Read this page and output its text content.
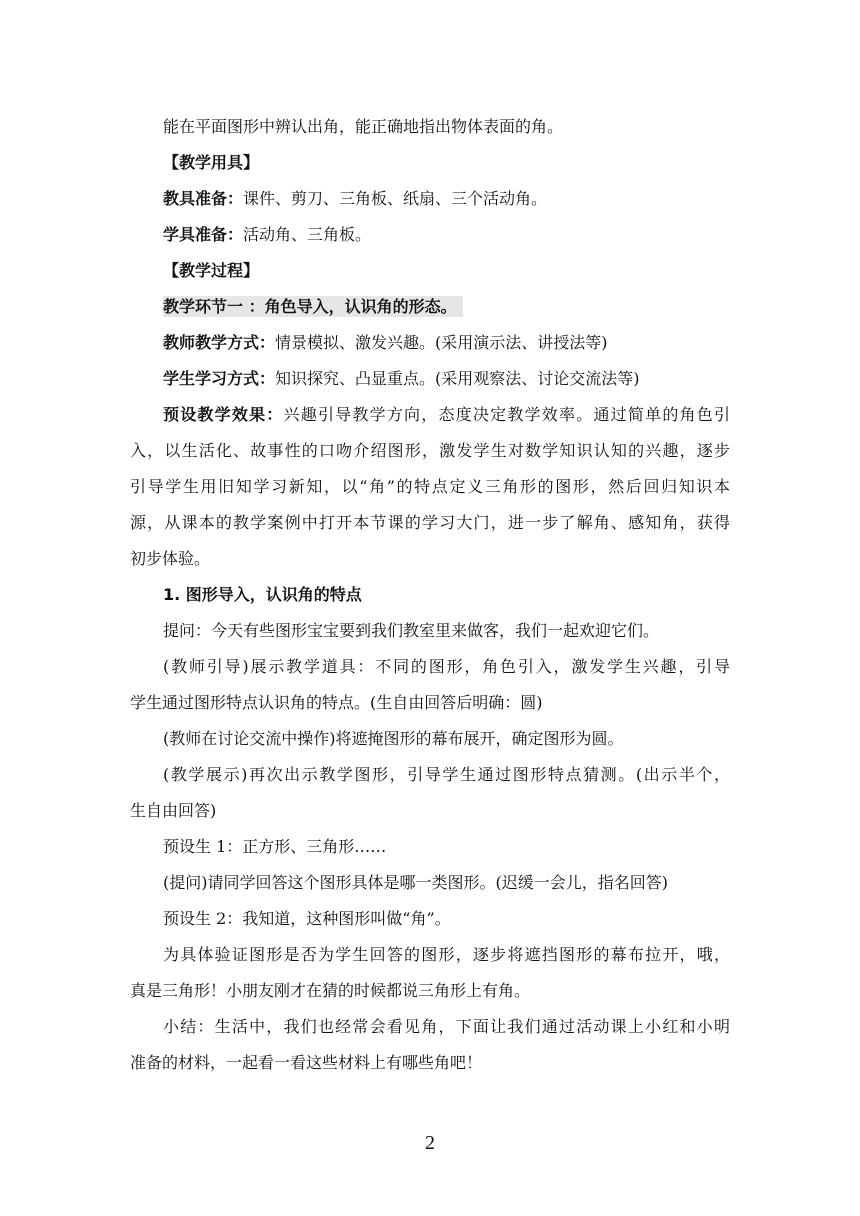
能在平面图形中辨认出角，能正确地指出物体表面的角。
【教学用具】
教具准备：课件、剪刀、三角板、纸扇、三个活动角。
学具准备：活动角、三角板。
【教学过程】
教学环节一 ：角色导入，认识角的形态。
教师教学方式：情景模拟、激发兴趣。(采用演示法、讲授法等)
学生学习方式：知识探究、凸显重点。(采用观察法、讨论交流法等)
预设教学效果：兴趣引导教学方向，态度决定教学效率。通过简单的角色引
入，以生活化、故事性的口吻介绍图形，激发学生对数学知识认知的兴趣，逐步
引导学生用旧知学习新知，以“角”的特点定义三角形的图形，然后回归知识本
源，从课本的教学案例中打开本节课的学习大门，进一步了解角、感知角，获得
初步体验。
1. 图形导入，认识角的特点
提问：今天有些图形宝宝要到我们教室里来做客，我们一起欢迎它们。
(教师引导)展示教学道具：不同的图形，角色引入，激发学生兴趣，引导
学生通过图形特点认识角的特点。(生自由回答后明确：圆)
(教师在讨论交流中操作)将遮掩图形的幕布展开，确定图形为圆。
(教学展示)再次出示教学图形，引导学生通过图形特点猜测。(出示半个，
生自由回答)
预设生 1：正方形、三角形……
(提问)请同学回答这个图形具体是哪一类图形。(迟缓一会儿，指名回答)
预设生 2：我知道，这种图形叫做“角”。
为具体验证图形是否为学生回答的图形，逐步将遮挡图形的幕布拉开，哦，
真是三角形！小朋友刚才在猜的时候都说三角形上有角。
小结：生活中，我们也经常会看见角，下面让我们通过活动课上小红和小明
准备的材料，一起看一看这些材料上有哪些角吧！
2
